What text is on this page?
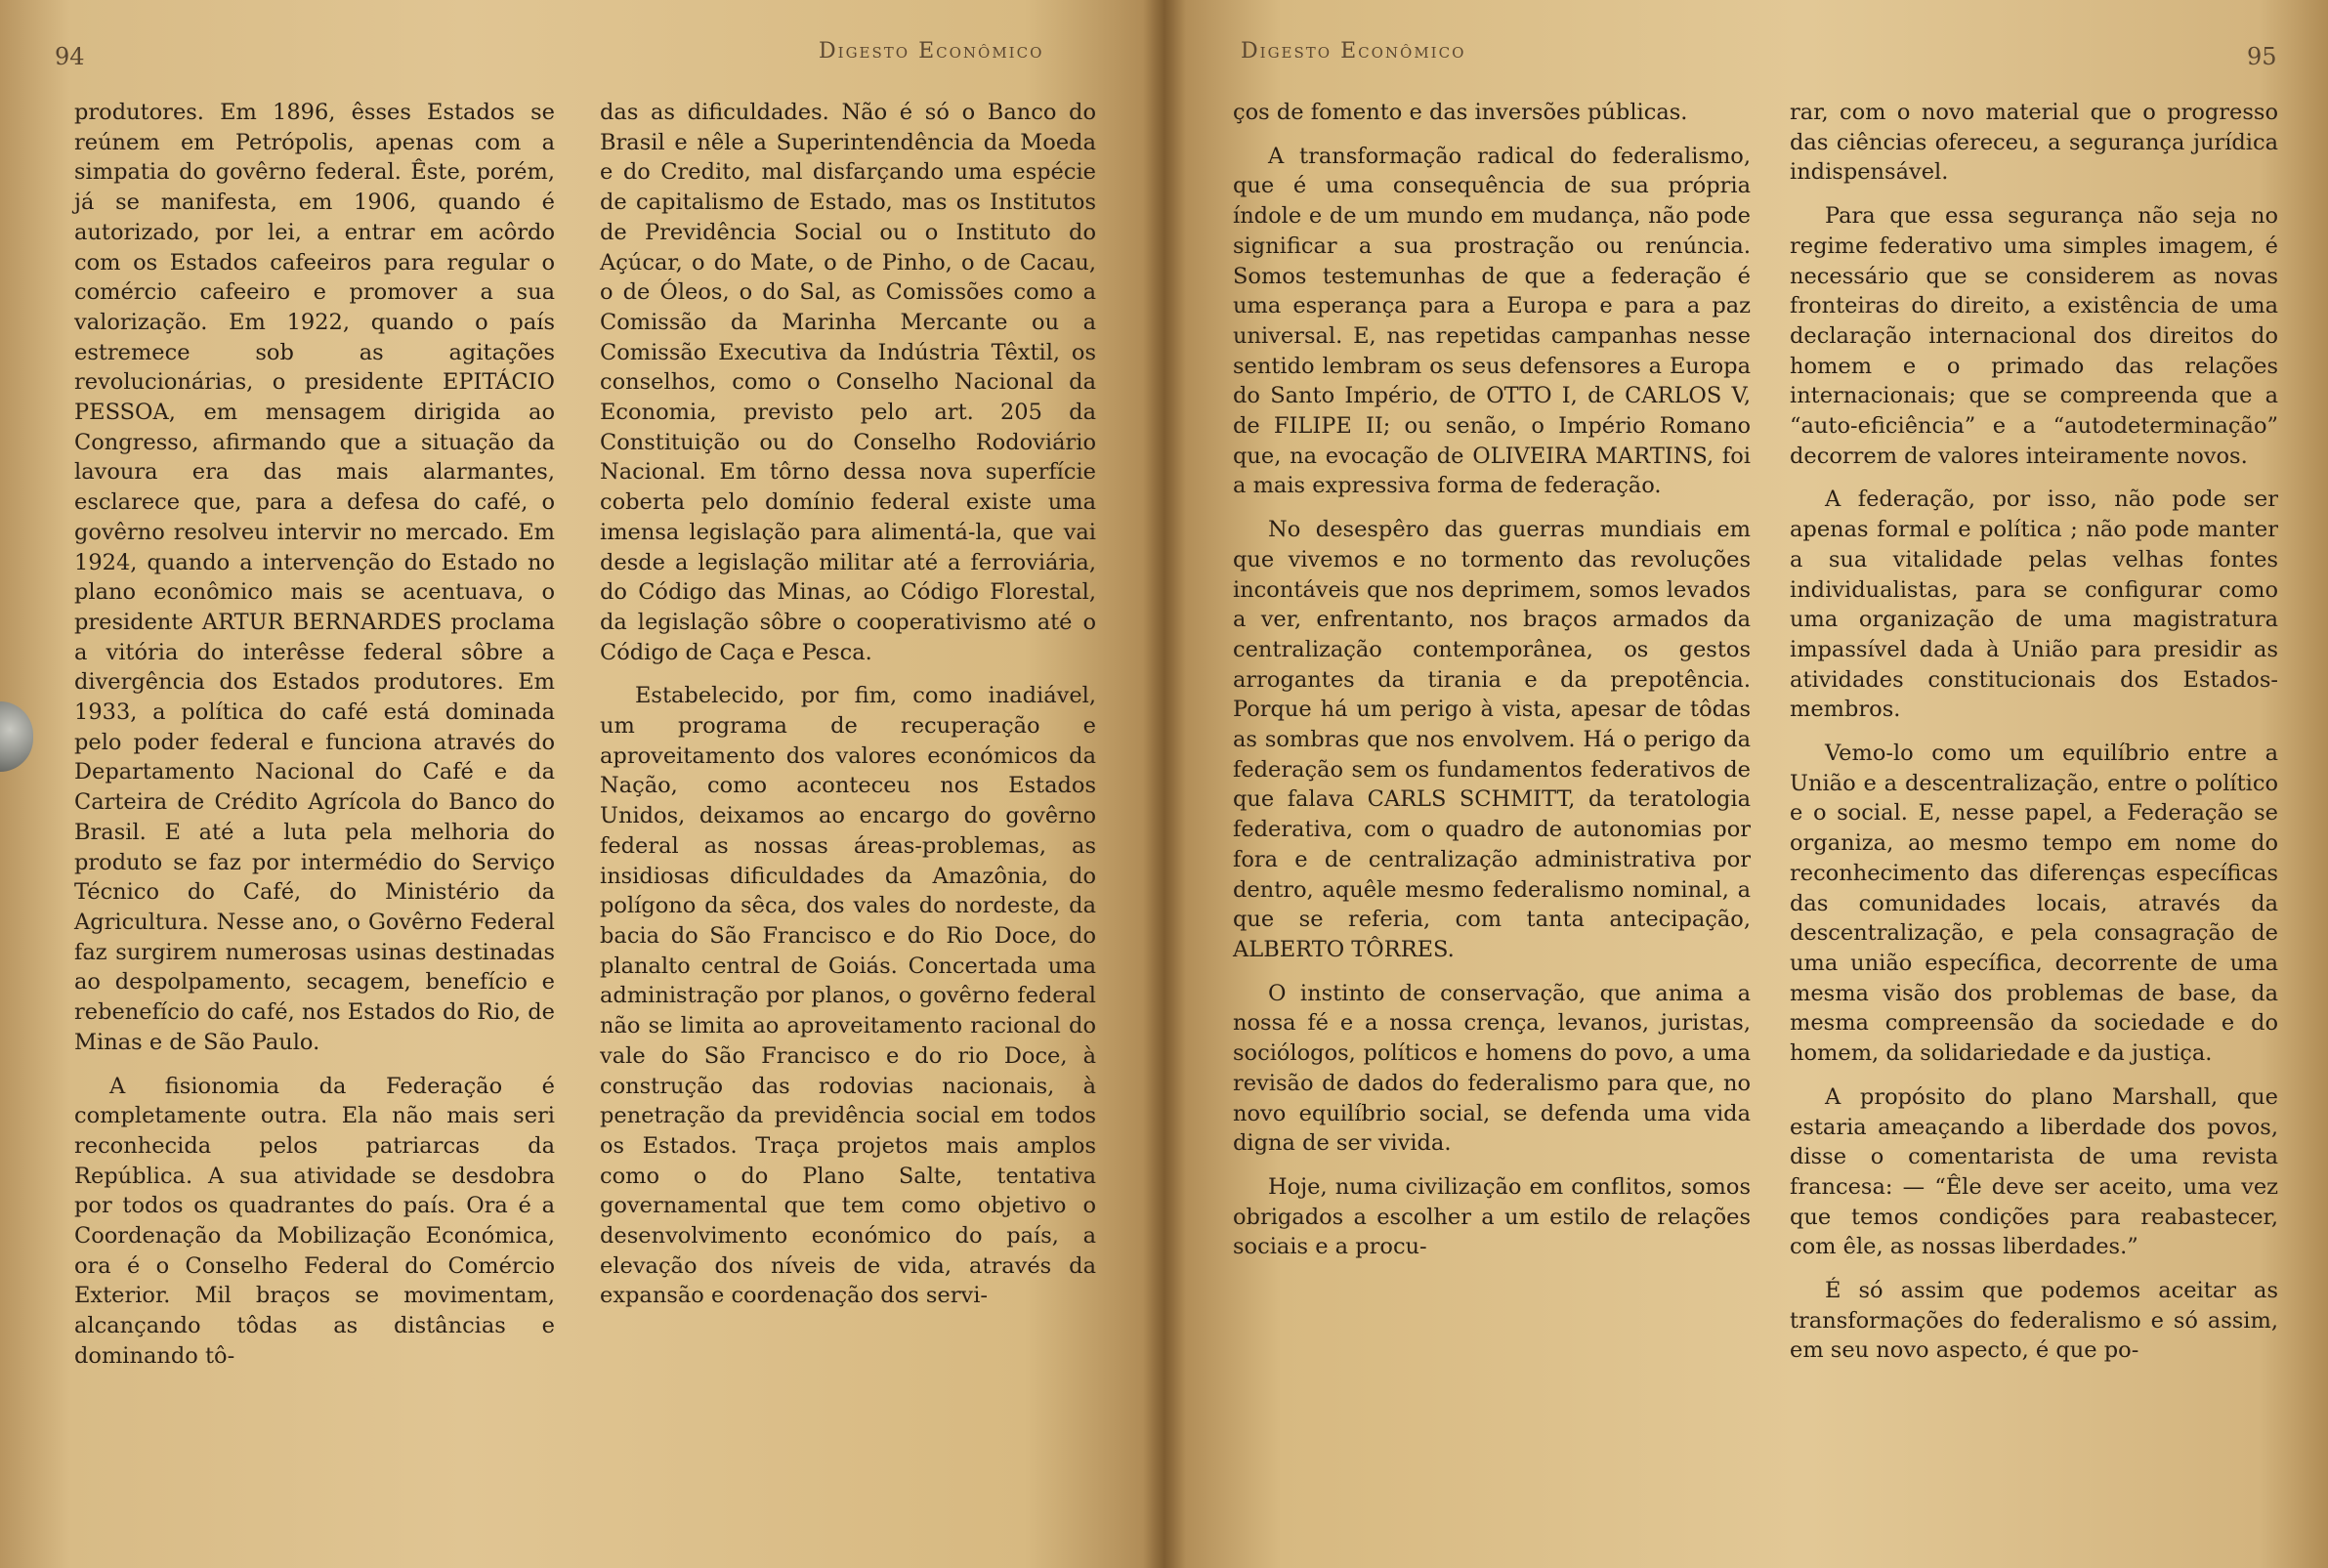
94	Digesto Econômico

produtores. Em 1896, êsses Estados se reúnem em Petrópolis, apenas com a simpatia do govêrno federal. Êste, porém, já se manifesta, em 1906, quando é autorizado, por lei, a entrar em acôrdo com os Estados cafeeiros para regular o comércio cafeeiro e promover a sua valorização. Em 1922, quando o país estremece sob as agitações revolucionárias, o presidente EPITÁCIO PESSOA, em mensagem dirigida ao Congresso, afirmando que a situação da lavoura era das mais alarmantes, esclarece que, para a defesa do café, o govêrno resolveu intervir no mercado. Em 1924, quando a intervenção do Estado no plano econômico mais se acentuava, o presidente ARTUR BERNARDES proclama a vitória do interêsse federal sôbre a divergência dos Estados produtores. Em 1933, a política do café está dominada pelo poder federal e funciona através do Departamento Nacional do Café e da Carteira de Crédito Agrícola do Banco do Brasil. E até a luta pela melhoria do produto se faz por intermédio do Serviço Técnico do Café, do Ministério da Agricultura. Nesse ano, o Govêrno Federal faz surgirem numerosas usinas destinadas ao despolpamento, secagem, benefício e rebenefício do café, nos Estados do Rio, de Minas e de São Paulo.

A fisionomia da Federação é completamente outra. Ela não mais seri reconhecida pelos patriarcas da República. A sua atividade se desdobra por todos os quadrantes do país. Ora é a Coordenação da Mobilização Económica, ora é o Conselho Federal do Comércio Exterior. Mil braços se movimentam, alcançando tôdas as distâncias e dominando tô-

das as dificuldades. Não é só o Banco do Brasil e nêle a Superintendência da Moeda e do Credito, mal disfarçando uma espécie de capitalismo de Estado, mas os Institutos de Previdência Social ou o Instituto do Açúcar, o do Mate, o de Pinho, o de Cacau, o de Óleos, o do Sal, as Comissões como a Comissão da Marinha Mercante ou a Comissão Executiva da Indústria Têxtil, os conselhos, como o Conselho Nacional da Economia, previsto pelo art. 205 da Constituição ou do Conselho Rodoviário Nacional. Em tôrno dessa nova superfície coberta pelo domínio federal existe uma imensa legislação para alimentá-la, que vai desde a legislação militar até a ferroviária, do Código das Minas, ao Código Florestal, da legislação sôbre o cooperativismo até o Código de Caça e Pesca.

Estabelecido, por fim, como inadiável, um programa de recuperação e aproveitamento dos valores económicos da Nação, como aconteceu nos Estados Unidos, deixamos ao encargo do govêrno federal as nossas áreas-problemas, as insidiosas dificuldades da Amazônia, do polígono da sêca, dos vales do nordeste, da bacia do São Francisco e do Rio Doce, do planalto central de Goiás. Concertada uma administração por planos, o govêrno federal não se limita ao aproveitamento racional do vale do São Francisco e do rio Doce, à construção das rodovias nacionais, à penetração da previdência social em todos os Estados. Traça projetos mais amplos como o do Plano Salte, tentativa governamental que tem como objetivo o desenvolvimento económico do país, a elevação dos níveis de vida, através da expansão e coordenação dos servi-

Digesto Econômico	95

ços de fomento e das inversões públicas.

A transformação radical do federalismo, que é uma consequência de sua própria índole e de um mundo em mudança, não pode significar a sua prostração ou renúncia. Somos testemunhas de que a federação é uma esperança para a Europa e para a paz universal. E, nas repetidas campanhas nesse sentido lembram os seus defensores a Europa do Santo Império, de OTTO I, de CARLOS V, de FILIPE II; ou senão, o Império Romano que, na evocação de OLIVEIRA MARTINS, foi a mais expressiva forma de federação.

No desespêro das guerras mundiais em que vivemos e no tormento das revoluções incontáveis que nos deprimem, somos levados a ver, enfrentanto, nos braços armados da centralização contemporânea, os gestos arrogantes da tirania e da prepotência. Porque há um perigo à vista, apesar de tôdas as sombras que nos envolvem. Há o perigo da federação sem os fundamentos federativos de que falava CARLS SCHMITT, da teratologia federativa, com o quadro de autonomias por fora e de centralização administrativa por dentro, aquêle mesmo federalismo nominal, a que se referia, com tanta antecipação, ALBERTO TÔRRES.

O instinto de conservação, que anima a nossa fé e a nossa crença, levanos, juristas, sociólogos, políticos e homens do povo, a uma revisão de dados do federalismo para que, no novo equilíbrio social, se defenda uma vida digna de ser vivida.

Hoje, numa civilização em conflitos, somos obrigados a escolher a um estilo de relações sociais e a procu-

rar, com o novo material que o progresso das ciências ofereceu, a segurança jurídica indispensável.

Para que essa segurança não seja no regime federativo uma simples imagem, é necessário que se considerem as novas fronteiras do direito, a existência de uma declaração internacional dos direitos do homem e o primado das relações internacionais; que se compreenda que a “auto-eficiência” e a “autodeterminação” decorrem de valores inteiramente novos.

A federação, por isso, não pode ser apenas formal e política ; não pode manter a sua vitalidade pelas velhas fontes individualistas, para se configurar como uma organização de uma magistratura impassível dada à União para presidir as atividades constitucionais dos Estados-membros.

Vemo-lo como um equilíbrio entre a União e a descentralização, entre o político e o social. E, nesse papel, a Federação se organiza, ao mesmo tempo em nome do reconhecimento das diferenças específicas das comunidades locais, através da descentralização, e pela consagração de uma união específica, decorrente de uma mesma visão dos problemas de base, da mesma compreensão da sociedade e do homem, da solidariedade e da justiça.

A propósito do plano Marshall, que estaria ameaçando a liberdade dos povos, disse o comentarista de uma revista francesa: — “Êle deve ser aceito, uma vez que temos condições para reabastecer, com êle, as nossas liberdades.”

É só assim que podemos aceitar as transformações do federalismo e só assim, em seu novo aspecto, é que po-
